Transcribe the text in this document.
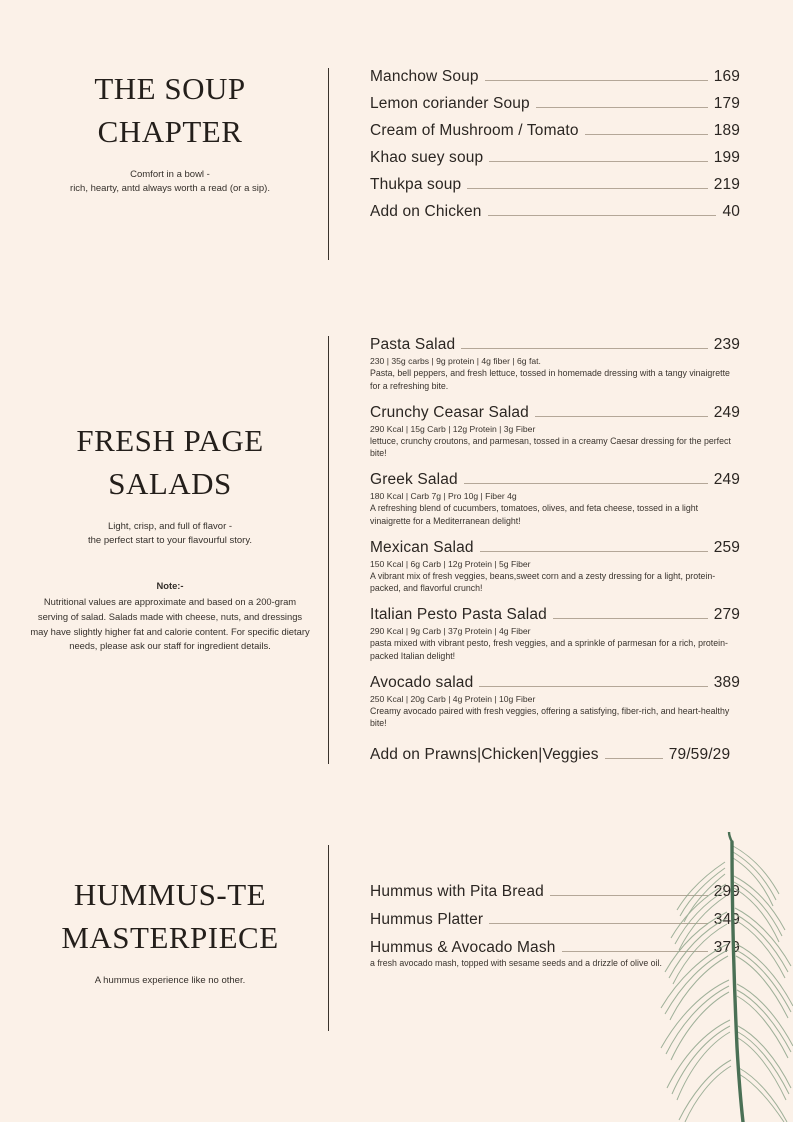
THE SOUP
CHAPTER
Comfort in a bowl -
rich, hearty, antd always worth a read (or a sip).
Manchow Soup	169
Lemon coriander Soup	179
Cream of Mushroom / Tomato	189
Khao suey soup	199
Thukpa soup	219
Add on Chicken	40
FRESH PAGE
SALADS
Light, crisp, and full of flavor -
the perfect start to your flavourful story.
Note:-
Nutritional values are approximate and based on a 200-gram serving of salad. Salads made with cheese, nuts, and dressings may have slightly higher fat and calorie content. For specific dietary needs, please ask our staff for ingredient details.
Pasta Salad	239
230 | 35g carbs | 9g protein | 4g fiber | 6g fat.
Pasta, bell peppers, and fresh lettuce, tossed in homemade dressing with a tangy vinaigrette for a refreshing bite.
Crunchy Ceasar Salad	249
290 Kcal | 15g Carb | 12g Protein | 3g Fiber
lettuce, crunchy croutons, and parmesan, tossed in a creamy Caesar dressing for the perfect bite!
Greek Salad	249
180 Kcal | Carb 7g | Pro 10g | Fiber 4g
A refreshing blend of cucumbers, tomatoes, olives, and feta cheese, tossed in a light vinaigrette for a Mediterranean delight!
Mexican Salad	259
150 Kcal | 6g Carb | 12g Protein | 5g Fiber
A vibrant mix of fresh veggies, beans,sweet corn and a zesty dressing for a light, protein-packed, and flavorful crunch!
Italian Pesto Pasta Salad	279
290 Kcal | 9g Carb | 37g Protein | 4g Fiber
pasta mixed with vibrant pesto, fresh veggies, and a sprinkle of parmesan for a rich, protein-packed Italian delight!
Avocado salad	389
250 Kcal | 20g Carb | 4g Protein | 10g Fiber
Creamy avocado paired with fresh veggies, offering a satisfying, fiber-rich, and heart-healthy bite!
Add on Prawns|Chicken|Veggies	79/59/29
HUMMUS-TE
MASTERPIECE
A hummus experience like no other.
Hummus with Pita Bread	299
Hummus Platter	349
Hummus & Avocado Mash	379
a fresh avocado mash, topped with sesame seeds and a drizzle of olive oil.
